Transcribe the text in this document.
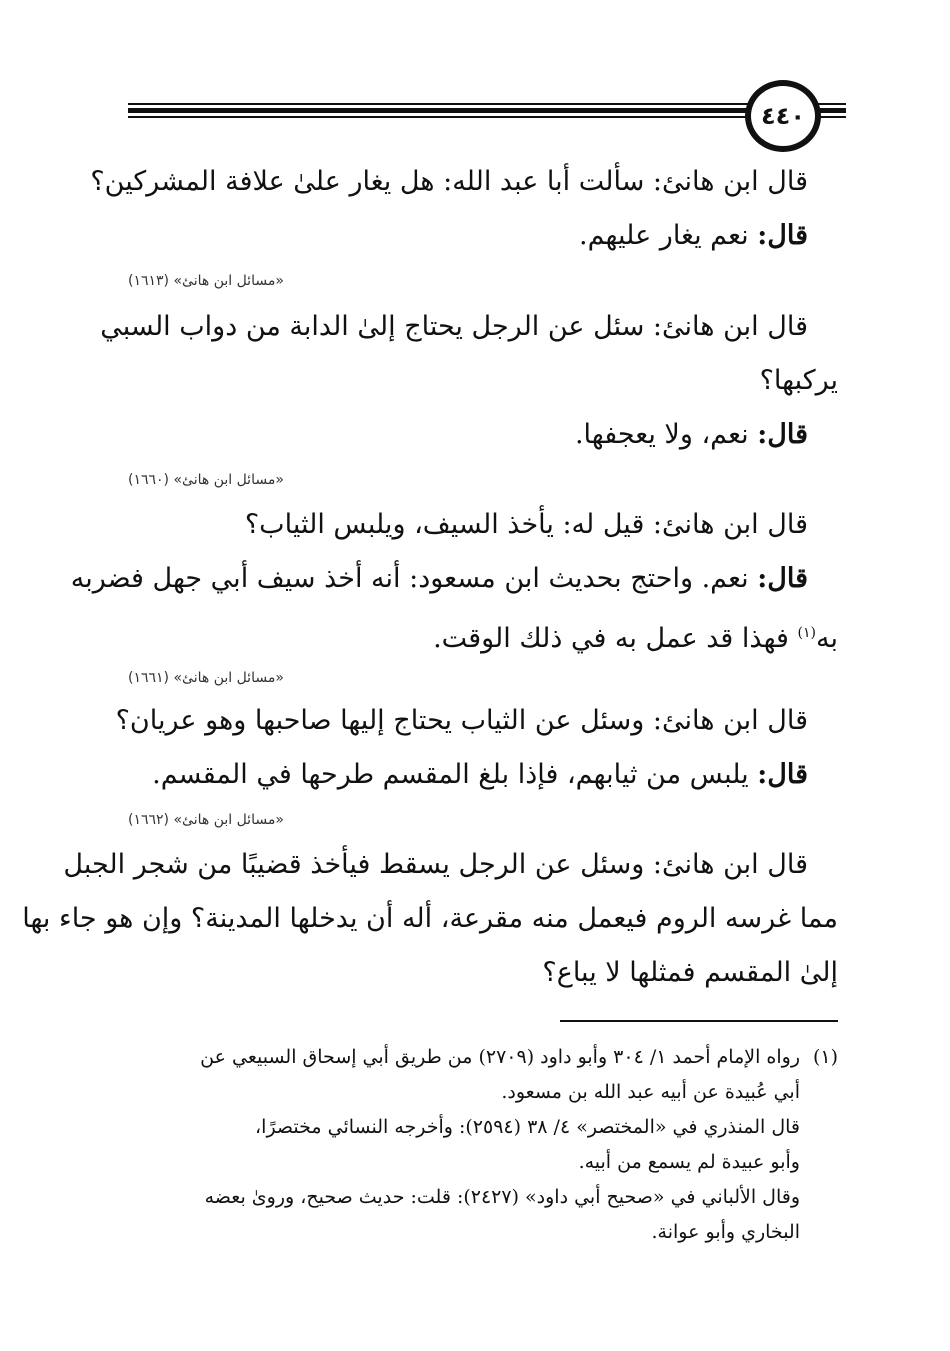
٤٤٠
قال ابن هانئ: سألت أبا عبد الله: هل يغار علىٰ علافة المشركين؟
قال: نعم يغار عليهم.
«مسائل ابن هانئ» (١٦١٣)
قال ابن هانئ: سئل عن الرجل يحتاج إلىٰ الدابة من دواب السبي
يركبها؟
قال: نعم، ولا يعجفها.
«مسائل ابن هانئ» (١٦٦٠)
قال ابن هانئ: قيل له: يأخذ السيف، ويلبس الثياب؟
قال: نعم. واحتج بحديث ابن مسعود: أنه أخذ سيف أبي جهل فضربه
به$^{(١)}$ فهذا قد عمل به في ذلك الوقت.
«مسائل ابن هانئ» (١٦٦١)
قال ابن هانئ: وسئل عن الثياب يحتاج إليها صاحبها وهو عريان؟
قال: يلبس من ثيابهم، فإذا بلغ المقسم طرحها في المقسم.
«مسائل ابن هانئ» (١٦٦٢)
قال ابن هانئ: وسئل عن الرجل يسقط فيأخذ قضيبًا من شجر الجبل
مما غرسه الروم فيعمل منه مقرعة، أله أن يدخلها المدينة؟ وإن هو جاء بها
إلىٰ المقسم فمثلها لا يباع؟
(١)رواه الإمام أحمد ١/ ٣٠٤ وأبو داود (٢٧٠٩) من طريق أبي إسحاق السبيعي عن
أبي عُبيدة عن أبيه عبد الله بن مسعود.
قال المنذري في «المختصر» ٤/ ٣٨ (٢٥٩٤): وأخرجه النسائي مختصرًا،
وأبو عبيدة لم يسمع من أبيه.
وقال الألباني في «صحيح أبي داود» (٢٤٢٧): قلت: حديث صحيح، وروىٰ بعضه
البخاري وأبو عوانة.
